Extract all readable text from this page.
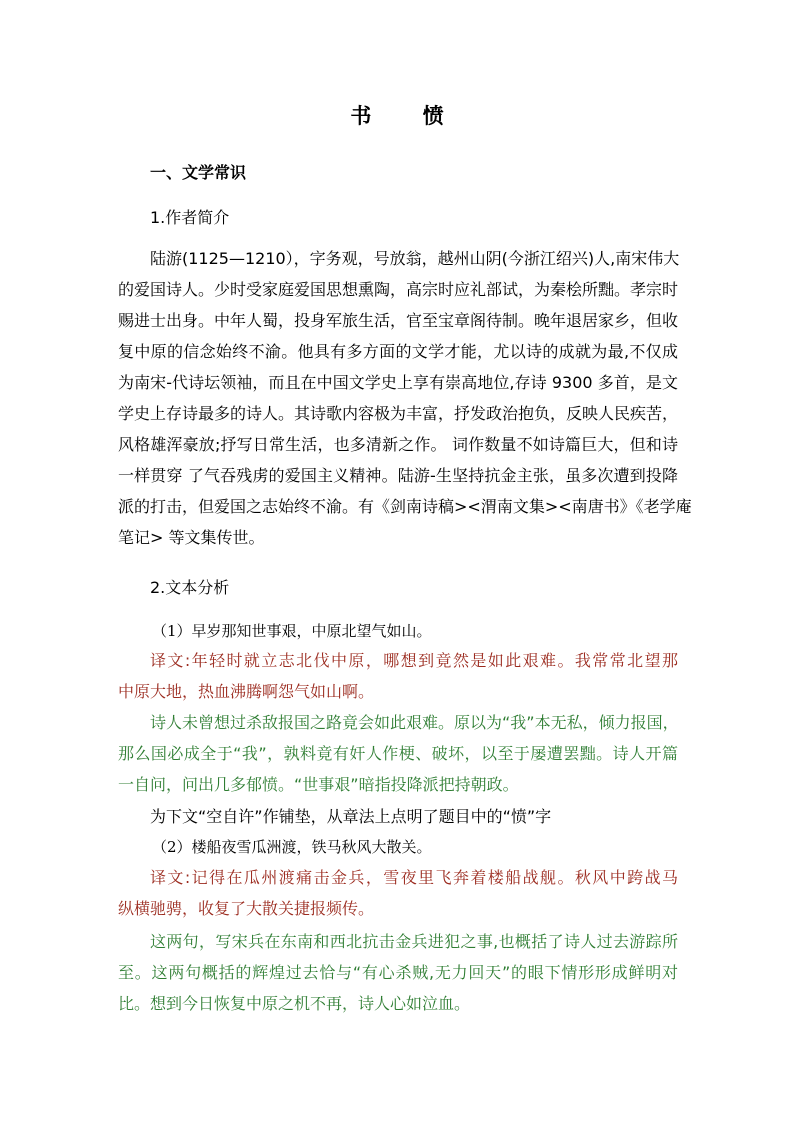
书 愤
一、文学常识
1.作者简介
陆游(1125—1210），字务观，号放翁，越州山阴(今浙江绍兴)人,南宋伟大
的爱国诗人。少时受家庭爱国思想熏陶，高宗时应礼部试，为秦桧所黜。孝宗时
赐进士出身。中年人蜀，投身军旅生活，官至宝章阁待制。晚年退居家乡，但收
复中原的信念始终不渝。他具有多方面的文学才能，尤以诗的成就为最,不仅成
为南宋-代诗坛领袖，而且在中国文学史上享有崇高地位,存诗 9300 多首，是文
学史上存诗最多的诗人。其诗歌内容极为丰富，抒发政治抱负，反映人民疾苦，
风格雄浑豪放;抒写日常生活，也多清新之作。 词作数量不如诗篇巨大，但和诗
一样贯穿 了气吞残虏的爱国主义精神。陆游-生坚持抗金主张，虽多次遭到投降
派的打击，但爱国之志始终不渝。有《剑南诗稿><渭南文集><南唐书》《老学庵
笔记> 等文集传世。
2.文本分析
（1）早岁那知世事艰，中原北望气如山。
译文:年轻时就立志北伐中原，哪想到竟然是如此艰难。我常常北望那
中原大地，热血沸腾啊怨气如山啊。
诗人未曾想过杀敌报国之路竟会如此艰难。原以为“我”本无私，倾力报国，
那么国必成全于“我”，孰料竟有奸人作梗、破坏，以至于屡遭罢黜。诗人开篇
一自问，问出几多郁愤。“世事艰”暗指投降派把持朝政。
为下文“空自许”作铺垫，从章法上点明了题目中的“愤”字
（2）楼船夜雪瓜洲渡，铁马秋风大散关。
译文:记得在瓜州渡痛击金兵，雪夜里飞奔着楼船战舰。秋风中跨战马
纵横驰骋，收复了大散关捷报频传。
这两句，写宋兵在东南和西北抗击金兵进犯之事,也概括了诗人过去游踪所
至。这两句概括的辉煌过去恰与“有心杀贼,无力回天”的眼下情形形成鲜明对
比。想到今日恢复中原之机不再，诗人心如泣血。
